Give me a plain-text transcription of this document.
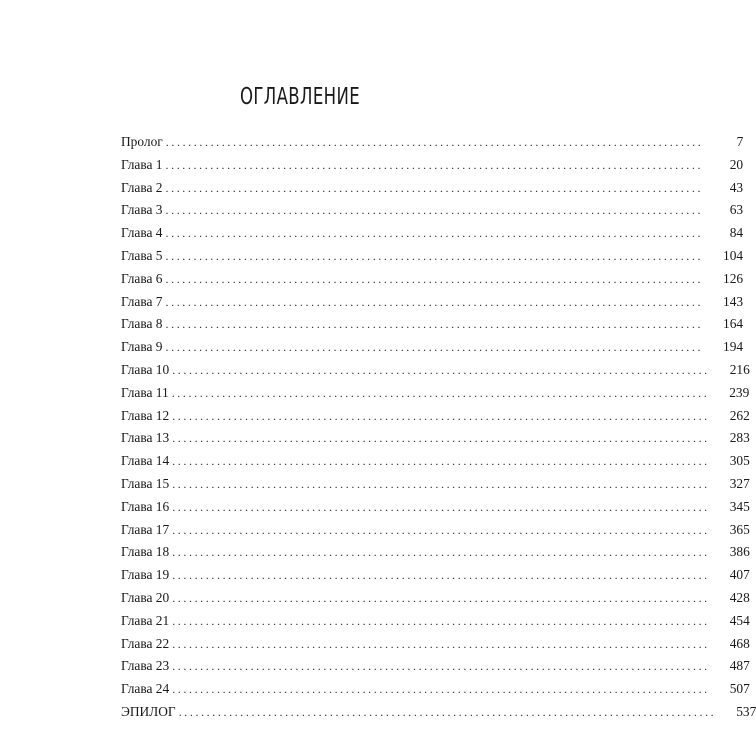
ОГЛАВЛЕНИЕ
Пролог ................................................................................................	7
Глава 1 ................................................................................................	20
Глава 2 ................................................................................................	43
Глава 3 ................................................................................................	63
Глава 4 ................................................................................................	84
Глава 5 ................................................................................................	104
Глава 6 ................................................................................................	126
Глава 7 ................................................................................................	143
Глава 8 ................................................................................................	164
Глава 9 ................................................................................................	194
Глава 10 ................................................................................................	216
Глава 11 ................................................................................................	239
Глава 12 ................................................................................................	262
Глава 13 ................................................................................................	283
Глава 14 ................................................................................................	305
Глава 15 ................................................................................................	327
Глава 16 ................................................................................................	345
Глава 17 ................................................................................................	365
Глава 18 ................................................................................................	386
Глава 19 ................................................................................................	407
Глава 20 ................................................................................................	428
Глава 21 ................................................................................................	454
Глава 22 ................................................................................................	468
Глава 23 ................................................................................................	487
Глава 24 ................................................................................................	507
ЭПИЛОГ ................................................................................................	537
